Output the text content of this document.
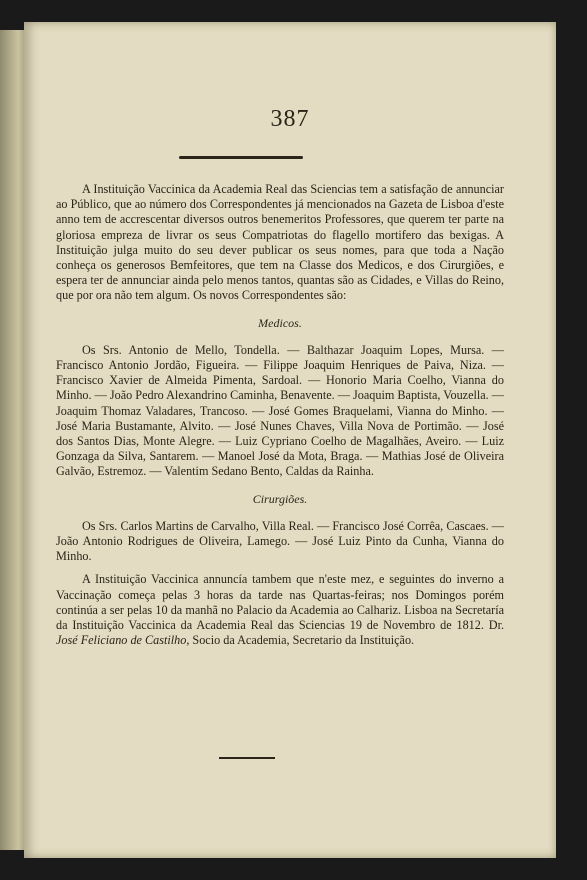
387

A Instituição Vaccinica da Academia Real das Sciencias tem a satisfação de annunciar ao Público, que ao número dos Correspondentes já mencionados na Gazeta de Lisboa d'este anno tem de accrescentar diversos outros benemeritos Professores, que querem ter parte na gloriosa empreza de livrar os seus Compatriotas do flagello mortifero das bexigas. A Instituição julga muito do seu dever publicar os seus nomes, para que toda a Nação conheça os generosos Bemfeitores, que tem na Classe dos Medicos, e dos Cirurgiões, e espera ter de annunciar ainda pelo menos tantos, quantas são as Cidades, e Villas do Reino, que por ora não tem algum. Os novos Correspondentes são:

Medicos.

Os Srs. Antonio de Mello, Tondella. — Balthazar Joaquim Lopes, Mursa. — Francisco Antonio Jordão, Figueira. — Filippe Joaquim Henriques de Paiva, Niza. — Francisco Xavier de Almeida Pimenta, Sardoal. — Honorio Maria Coelho, Vianna do Minho. — João Pedro Alexandrino Caminha, Benavente. — Joaquim Baptista, Vouzella. — Joaquim Thomaz Valadares, Trancoso. — José Gomes Braquelami, Vianna do Minho. — José Maria Bustamante, Alvito. — José Nunes Chaves, Villa Nova de Portimão. — José dos Santos Dias, Monte Alegre. — Luiz Cypriano Coelho de Magalhães, Aveiro. — Luiz Gonzaga da Silva, Santarem. — Manoel José da Mota, Braga. — Mathias José de Oliveira Galvão, Estremoz. — Valentim Sedano Bento, Caldas da Rainha.

Cirurgiões.

Os Srs. Carlos Martins de Carvalho, Villa Real. — Francisco José Corrêa, Cascaes. — João Antonio Rodrigues de Oliveira, Lamego. — José Luiz Pinto da Cunha, Vianna do Minho.

A Instituição Vaccinica annuncía tambem que n'este mez, e seguintes do inverno a Vaccinação começa pelas 3 horas da tarde nas Quartas-feiras; nos Domingos porém continúa a ser pelas 10 da manhã no Palacio da Academia ao Calhariz. Lisboa na Secretaría da Instituição Vaccinica da Academia Real das Sciencias 19 de Novembro de 1812. Dr. José Feliciano de Castilho, Socio da Academia, Secretario da Instituição.
